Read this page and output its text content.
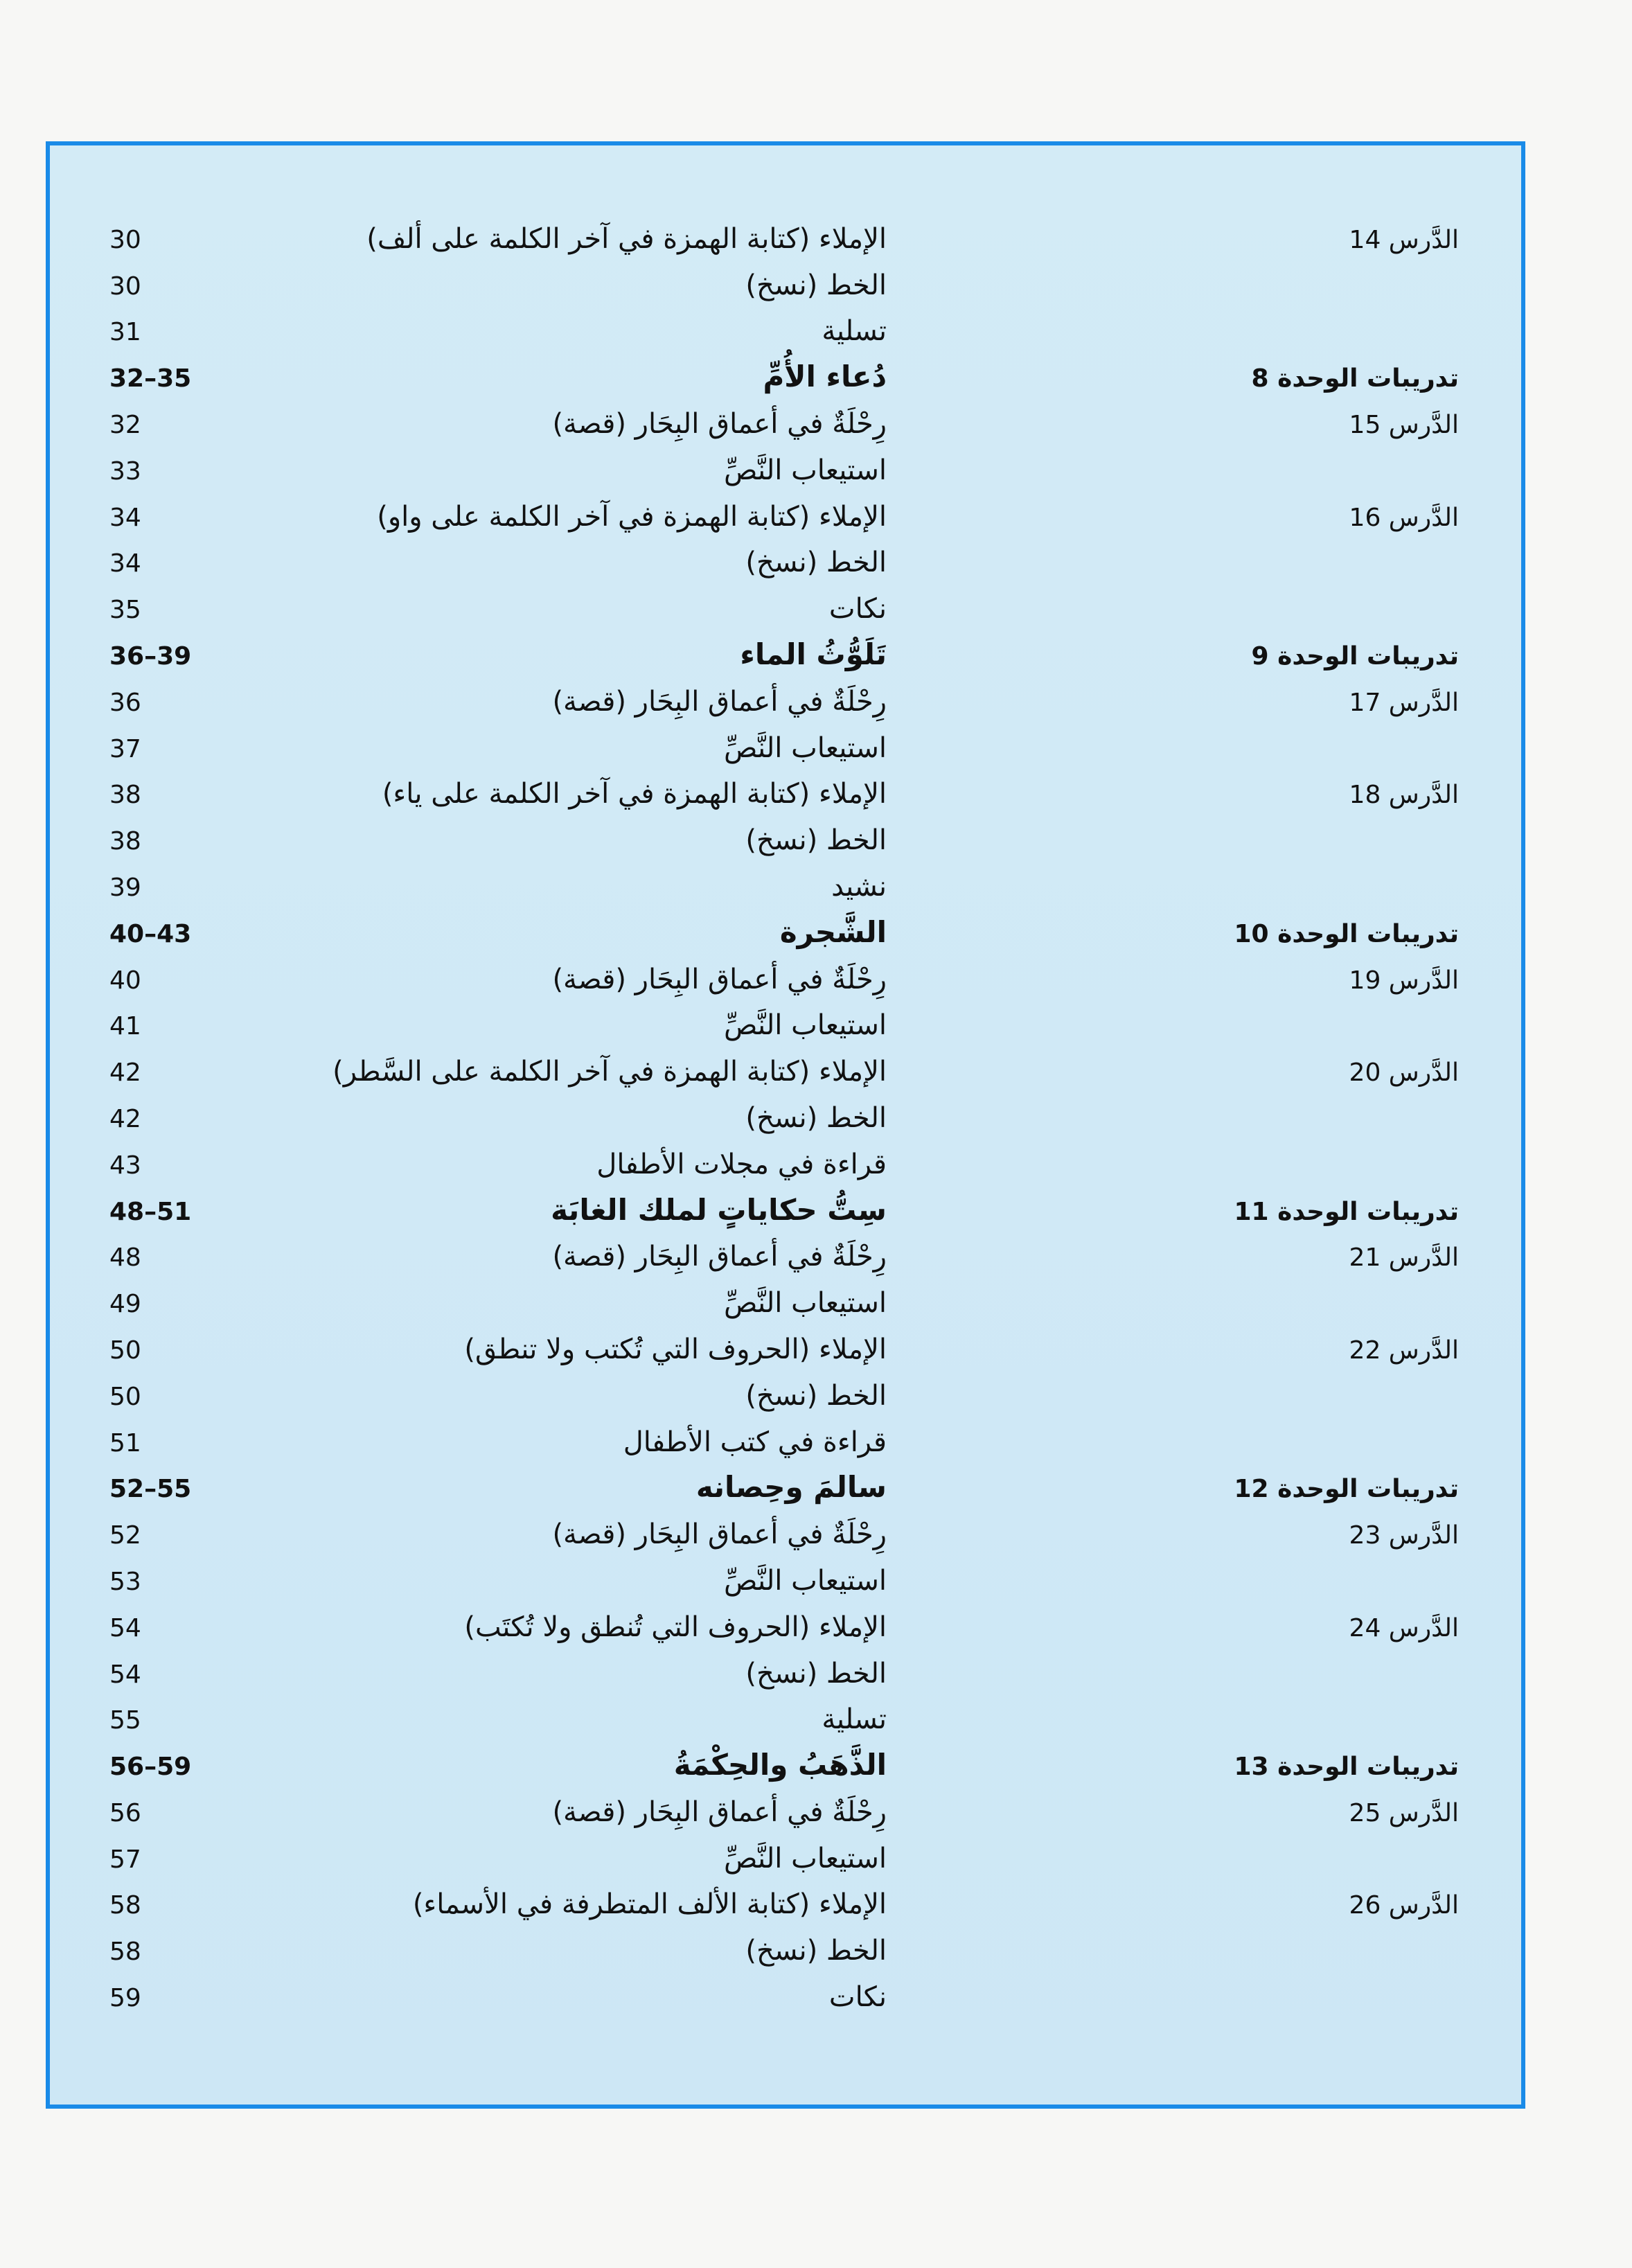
30	الإملاء (كتابة الهمزة في آخر الكلمة على ألف)	الدَّرس 14
30	الخط (نسخ)
31	تسلية
32–35	دُعاء الأُمِّ	تدريبات الوحدة 8
32	رِحْلَةٌ في أعماق البِحَار (قصة)	الدَّرس 15
33	استيعاب النَّصِّ
34	الإملاء (كتابة الهمزة في آخر الكلمة على واو)	الدَّرس 16
34	الخط (نسخ)
35	نكات
36–39	تَلَوُّثُ الماء	تدريبات الوحدة 9
36	رِحْلَةٌ في أعماق البِحَار (قصة)	الدَّرس 17
37	استيعاب النَّصِّ
38	الإملاء (كتابة الهمزة في آخر الكلمة على ياء)	الدَّرس 18
38	الخط (نسخ)
39	نشيد
40–43	الشَّجرة	تدريبات الوحدة 10
40	رِحْلَةٌ في أعماق البِحَار (قصة)	الدَّرس 19
41	استيعاب النَّصِّ
42	الإملاء (كتابة الهمزة في آخر الكلمة على السَّطر)	الدَّرس 20
42	الخط (نسخ)
43	قراءة في مجلات الأطفال
48–51	سِتُّ حكاياتٍ لملك الغابَة	تدريبات الوحدة 11
48	رِحْلَةٌ في أعماق البِحَار (قصة)	الدَّرس 21
49	استيعاب النَّصِّ
50	الإملاء (الحروف التي تُكتب ولا تنطق)	الدَّرس 22
50	الخط (نسخ)
51	قراءة في كتب الأطفال
52–55	سالمَ وحِصانه	تدريبات الوحدة 12
52	رِحْلَةٌ في أعماق البِحَار (قصة)	الدَّرس 23
53	استيعاب النَّصِّ
54	الإملاء (الحروف التي تُنطق ولا تُكتَب)	الدَّرس 24
54	الخط (نسخ)
55	تسلية
56–59	الذَّهَبُ والحِكْمَةُ	تدريبات الوحدة 13
56	رِحْلَةٌ في أعماق البِحَار (قصة)	الدَّرس 25
57	استيعاب النَّصِّ
58	الإملاء (كتابة الألف المتطرفة في الأسماء)	الدَّرس 26
58	الخط (نسخ)
59	نكات
